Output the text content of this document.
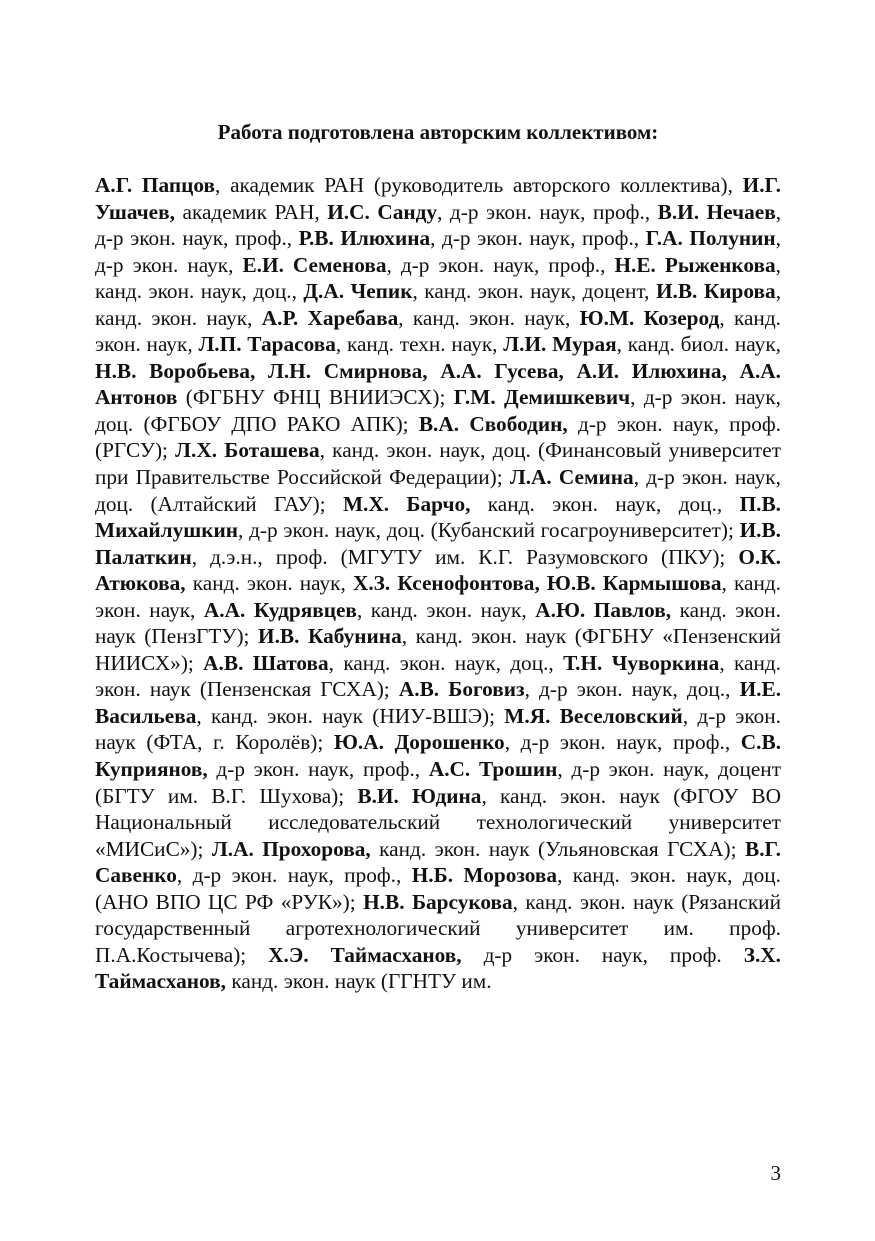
Работа подготовлена авторским коллективом:

А.Г. Папцов, академик РАН (руководитель авторского коллектива), И.Г. Ушачев, академик РАН, И.С. Санду, д-р экон. наук, проф., В.И. Нечаев, д-р экон. наук, проф., Р.В. Илюхина, д-р экон. наук, проф., Г.А. Полунин, д-р экон. наук, Е.И. Семенова, д-р экон. наук, проф., Н.Е. Рыженкова, канд. экон. наук, доц., Д.А. Чепик, канд. экон. наук, доцент, И.В. Кирова, канд. экон. наук, А.Р. Харебава, канд. экон. наук, Ю.М. Козерод, канд. экон. наук, Л.П. Тарасова, канд. техн. наук, Л.И. Мурая, канд. биол. наук, Н.В. Воробьева, Л.Н. Смирнова, А.А. Гусева, А.И. Илюхина, А.А. Антонов (ФГБНУ ФНЦ ВНИИЭСХ); Г.М. Демишкевич, д-р экон. наук, доц. (ФГБОУ ДПО РАКО АПК); В.А. Свободин, д-р экон. наук, проф. (РГСУ); Л.Х. Боташева, канд. экон. наук, доц. (Финансовый университет при Правительстве Российской Федерации); Л.А. Семина, д-р экон. наук, доц. (Алтайский ГАУ); М.Х. Барчо, канд. экон. наук, доц., П.В. Михайлушкин, д-р экон. наук, доц. (Кубанский госагроуниверситет); И.В. Палаткин, д.э.н., проф. (МГУТУ им. К.Г. Разумовского (ПКУ); О.К. Атюкова, канд. экон. наук, Х.З. Ксенофонтова, Ю.В. Кармышова, канд. экон. наук, А.А. Кудрявцев, канд. экон. наук, А.Ю. Павлов, канд. экон. наук (ПензГТУ); И.В. Кабунина, канд. экон. наук (ФГБНУ «Пензенский НИИСХ»); А.В. Шатова, канд. экон. наук, доц., Т.Н. Чуворкина, канд. экон. наук (Пензенская ГСХА); А.В. Боговиз, д-р экон. наук, доц., И.Е. Васильева, канд. экон. наук (НИУ-ВШЭ); М.Я. Веселовский, д-р экон. наук (ФТА, г. Королёв); Ю.А. Дорошенко, д-р экон. наук, проф., С.В. Куприянов, д-р экон. наук, проф., А.С. Трошин, д-р экон. наук, доцент (БГТУ им. В.Г. Шухова); В.И. Юдина, канд. экон. наук (ФГОУ ВО Национальный исследовательский технологический университет «МИСиС»); Л.А. Прохорова, канд. экон. наук (Ульяновская ГСХА); В.Г. Савенко, д-р экон. наук, проф., Н.Б. Морозова, канд. экон. наук, доц. (АНО ВПО ЦС РФ «РУК»); Н.В. Барсукова, канд. экон. наук (Рязанский государственный агротехнологический университет им. проф. П.А.Костычева); Х.Э. Таймасханов, д-р экон. наук, проф. З.Х. Таймасханов, канд. экон. наук (ГГНТУ им.

3
